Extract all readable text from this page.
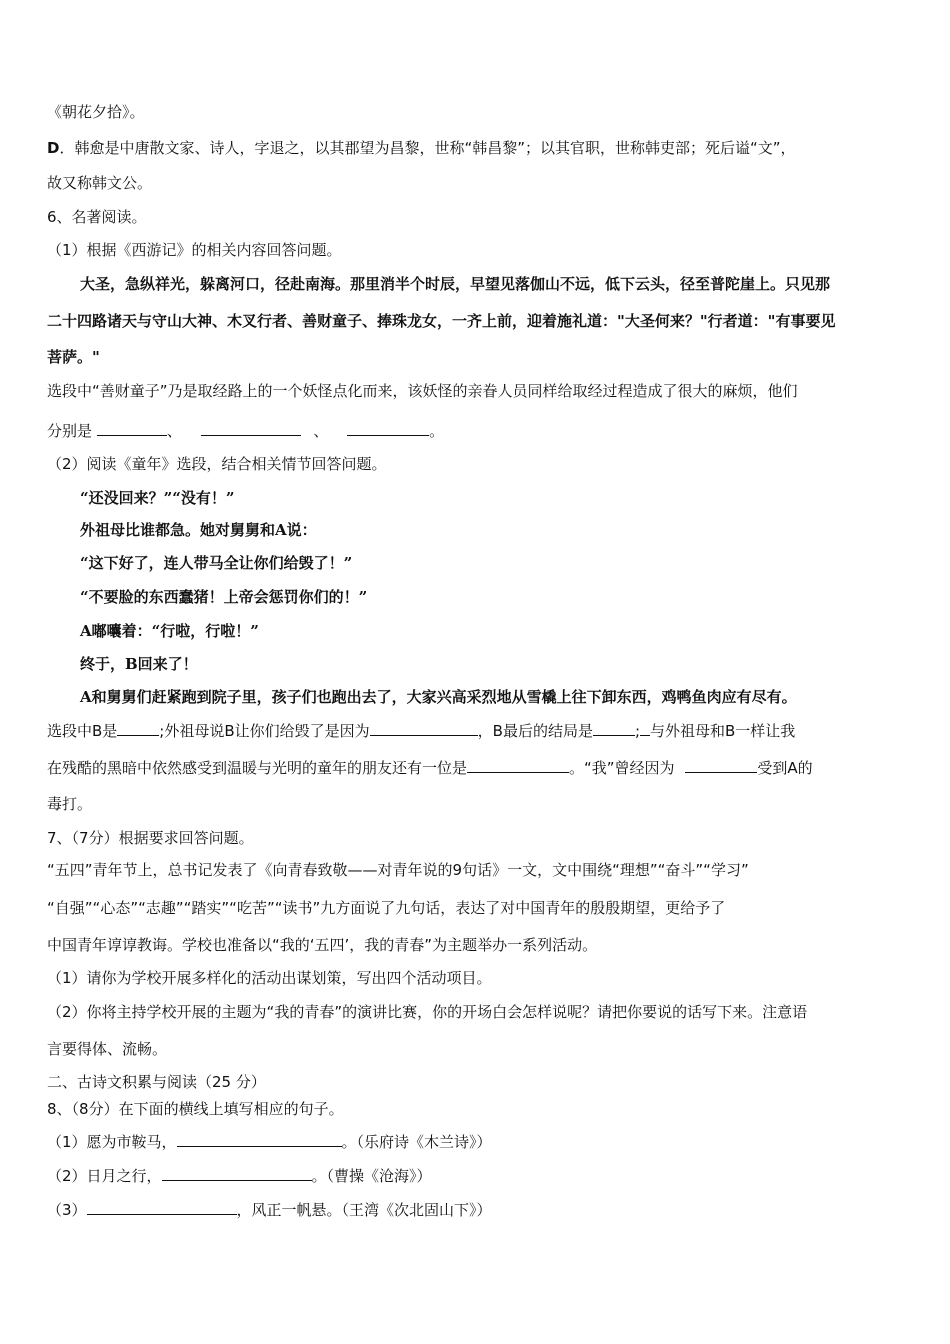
《朝花夕拾》。
D．韩愈是中唐散文家、诗人，字退之，以其郡望为昌黎，世称“韩昌黎”；以其官职，世称韩吏部；死后谥“文”，
故又称韩文公。
6、名著阅读。
（1）根据《西游记》的相关内容回答问题。
大圣，急纵祥光，躲离河口，径赴南海。那里消半个时辰，早望见落伽山不远，低下云头，径至普陀崖上。只见那
二十四路诸天与守山大神、木叉行者、善财童子、捧珠龙女，一齐上前，迎着施礼道："大圣何来？"行者道："有事要见
菩萨。"
选段中“善财童子”乃是取经路上的一个妖怪点化而来，该妖怪的亲眷人员同样给取经过程造成了很大的麻烦，他们
分别是	、	、	。
（2）阅读《童年》选段，结合相关情节回答问题。
“还没回来？”“没有！”
外祖母比谁都急。她对舅舅和A说：
“这下好了，连人带马全让你们给毁了！”
“不要脸的东西蠢猪！上帝会惩罚你们的！”
A嘟囔着：“行啦，行啦！”
终于，B回来了！
A和舅舅们赶紧跑到院子里，孩子们也跑出去了，大家兴高采烈地从雪橇上往下卸东西，鸡鸭鱼肉应有尽有。
选段中B是	;外祖母说B让你们给毁了是因为	，B最后的结局是	; 与外祖母和B一样让我
在残酷的黑暗中依然感受到温暖与光明的童年的朋友还有一位是	。“我”曾经因为	受到A的
毒打。
7、（7分）根据要求回答问题。
“五四”青年节上，总书记发表了《向青春致敬——对青年说的9句话》一文，文中围绕“理想”“奋斗”“学习”
“自强”“心态”“志趣”“踏实”“吃苦”“读书”九方面说了九句话，表达了对中国青年的殷殷期望，更给予了
中国青年谆谆教诲。学校也准备以“我的‘五四’，我的青春”为主题举办一系列活动。
（1）请你为学校开展多样化的活动出谋划策，写出四个活动项目。
（2）你将主持学校开展的主题为“我的青春”的演讲比赛，你的开场白会怎样说呢？请把你要说的话写下来。注意语
言要得体、流畅。
二、古诗文积累与阅读（25 分）
8、（8分）在下面的横线上填写相应的句子。
（1）愿为市鞍马，	。（乐府诗《木兰诗》）
（2）日月之行，	。（曹操《沧海》）
（3）	，风正一帆悬。（王湾《次北固山下》）
